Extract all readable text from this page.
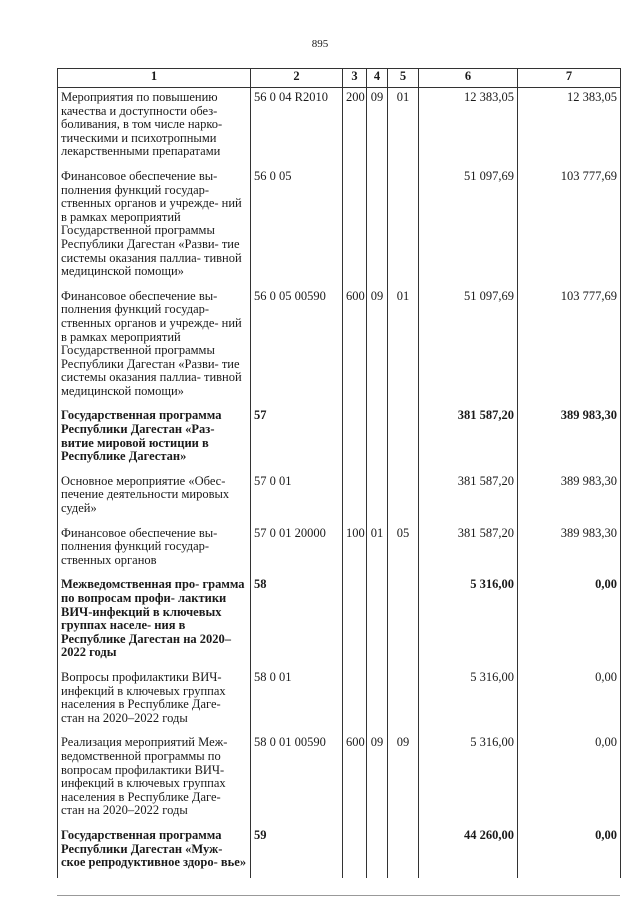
895
1	2	3	4	5	6	7
Мероприятия по повышению качества и доступности обез- боливания, в том числе нарко- тическими и психотропными лекарственными препаратами	56 0 04 R2010	200	09	01	12 383,05	12 383,05
Финансовое обеспечение вы- полнения функций государ- ственных органов и учрежде- ний в рамках мероприятий Государственной программы Республики Дагестан «Разви- тие системы оказания паллиа- тивной медицинской помощи»	56 0 05				51 097,69	103 777,69
Финансовое обеспечение вы- полнения функций государ- ственных органов и учрежде- ний в рамках мероприятий Государственной программы Республики Дагестан «Разви- тие системы оказания паллиа- тивной медицинской помощи»	56 0 05 00590	600	09	01	51 097,69	103 777,69
Государственная программа Республики Дагестан «Раз- витие мировой юстиции в Республике Дагестан»	57				381 587,20	389 983,30
Основное мероприятие «Обес- печение деятельности мировых судей»	57 0 01				381 587,20	389 983,30
Финансовое обеспечение вы- полнения функций государ- ственных органов	57 0 01 20000	100	01	05	381 587,20	389 983,30
Межведомственная про- грамма по вопросам профи- лактики ВИЧ-инфекций в ключевых группах населе- ния в Республике Дагестан на 2020–2022 годы	58				5 316,00	0,00
Вопросы профилактики ВИЧ- инфекций в ключевых группах населения в Республике Даге- стан на 2020–2022 годы	58 0 01				5 316,00	0,00
Реализация мероприятий Меж- ведомственной программы по вопросам профилактики ВИЧ- инфекций в ключевых группах населения в Республике Даге- стан на 2020–2022 годы	58 0 01 00590	600	09	09	5 316,00	0,00
Государственная программа Республики Дагестан «Муж- ское репродуктивное здоро- вье»	59				44 260,00	0,00
